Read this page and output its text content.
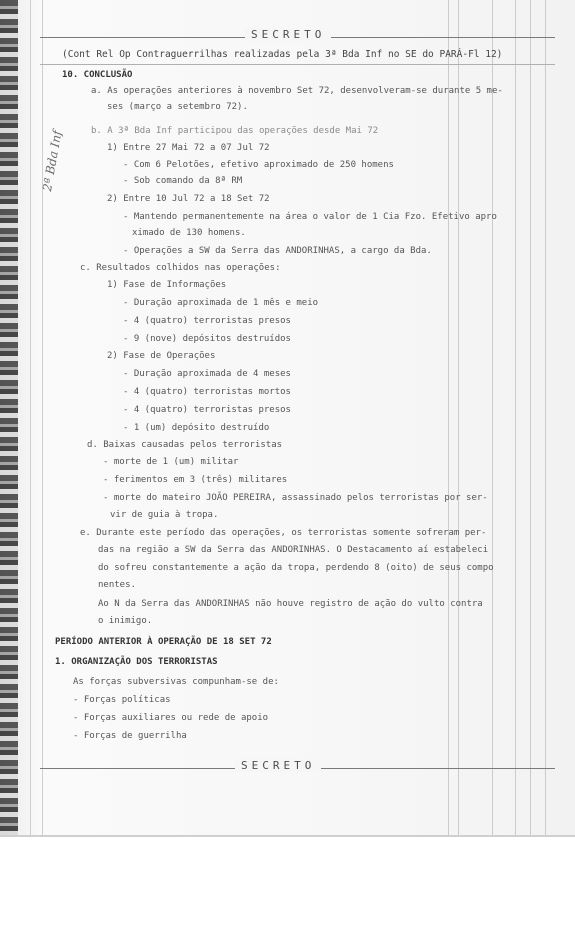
SECRETO
(Cont Rel Op Contraguerrilhas realizadas pela 3ª Bda Inf no SE do PARÁ-Fl 12)
2ª Bda Inf
10. CONCLUSÃO
a. As operações anteriores à novembro Set 72, desenvolveram-se durante 5 me-
ses (março a setembro 72).
b. A 3ª Bda Inf participou das operações desde Mai 72
1) Entre 27 Mai 72 a 07 Jul 72
- Com 6 Pelotões, efetivo aproximado de 250 homens
- Sob comando da 8ª RM
2) Entre 10 Jul 72 a 18 Set 72
- Mantendo permanentemente na área o valor de 1 Cia Fzo. Efetivo apro
ximado de 130 homens.
- Operações a SW da Serra das ANDORINHAS, a cargo da Bda.
c. Resultados colhidos nas operações:
1) Fase de Informações
- Duração aproximada de 1 mês e meio
- 4 (quatro) terroristas presos
- 9 (nove) depósitos destruídos
2) Fase de Operações
- Duração aproximada de 4 meses
- 4 (quatro) terroristas mortos
- 4 (quatro) terroristas presos
- 1 (um) depósito destruído
d. Baixas causadas pelos terroristas
- morte de 1 (um) militar
- ferimentos em 3 (três) militares
- morte do mateiro JOÃO PEREIRA, assassinado pelos terroristas por ser-
vir de guia à tropa.
e. Durante este período das operações, os terroristas somente sofreram per-
das na região a SW da Serra das ANDORINHAS. O Destacamento aí estabeleci
do sofreu constantemente a ação da tropa, perdendo 8 (oito) de seus compo
nentes.
Ao N da Serra das ANDORINHAS não houve registro de ação do vulto contra
o inimigo.
PERÍODO ANTERIOR À OPERAÇÃO DE 18 SET 72
1. ORGANIZAÇÃO DOS TERRORISTAS
As forças subversivas compunham-se de:
- Forças políticas
- Forças auxiliares ou rede de apoio
- Forças de guerrilha
SECRETO
